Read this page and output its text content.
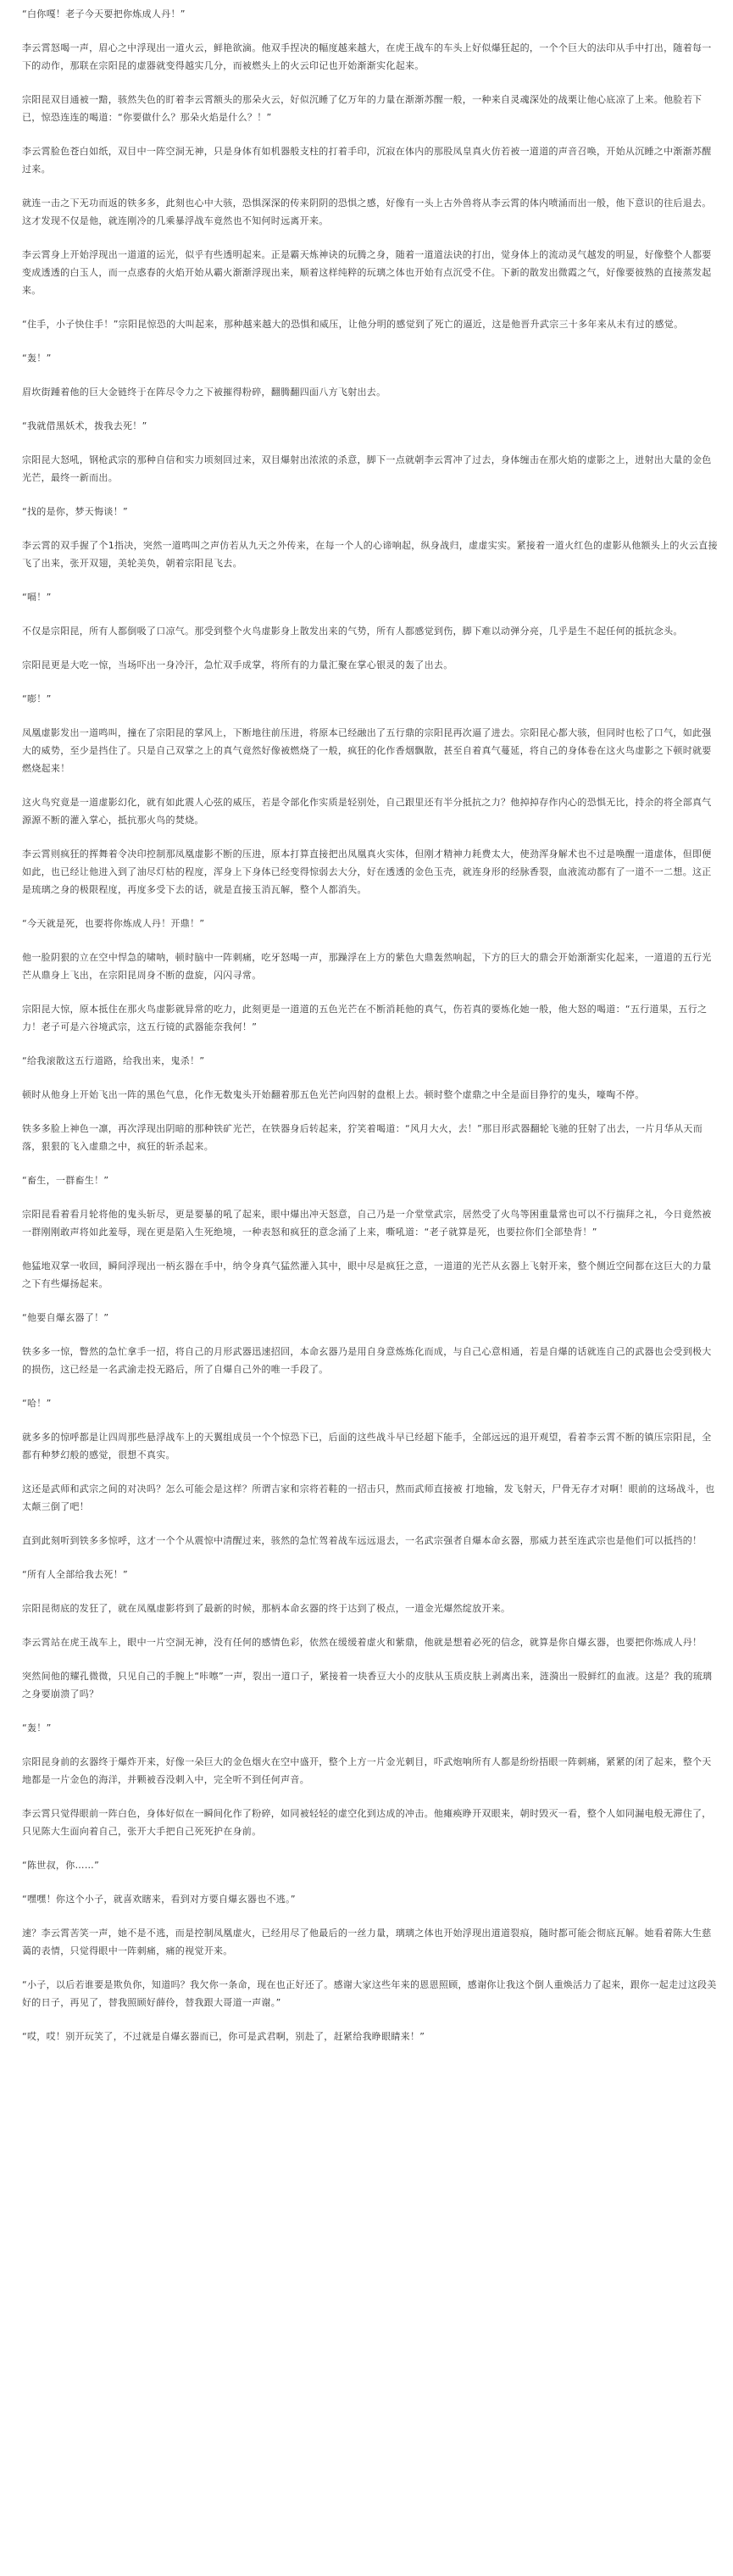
“白你嘎！老子今天要把你炼成人丹！”

李云霄怒喝一声，眉心之中浮现出一道火云，鲜艳欲滴。他双手捏决的幅度越来越大，在虎王战车的车头上好似爆狂起的，一个个巨大的法印从手中打出，随着每一下的动作，那联在宗阳昆的虚器就变得越实几分，而被燃头上的火云印记也开始渐渐实化起来。

宗阳昆双目通被一黯，骇然失色的盯着李云霄额头的那朵火云，好似沉睡了亿万年的力量在渐渐苏醒一般，一种来自灵魂深处的战栗让他心底凉了上来。他脸若下已，惊恐连连的喝道：“你要做什么？那朵火焰是什么？！”

李云霄脸色苍白如纸，双目中一阵空洞无神，只是身体有如机器般支柱的打着手印，沉寂在体内的那股凤皇真火仿若被一道道的声音召唤，开始从沉睡之中渐渐苏醒过来。

就连一击之下无功而返的铁多多，此刻也心中大骇，恐惧深深的传来阴阴的恐惧之感，好像有一头上古外兽将从李云霄的体内喷涌而出一般，他下意识的往后退去。这才发现不仅是他，就连刚冷的几乘暴浮战车竟然也不知何时远离开来。

李云霄身上开始浮现出一道道的运光，似乎有些透明起来。正是霸天炼神诀的玩腾之身，随着一道道法诀的打出，觉身体上的流动灵气越发的明显，好像整个人都要变成透透的白玉人，而一点惑春的火焰开始从霸火渐渐浮现出来，顺着这样纯粹的玩璃之体也开始有点沉受不住。下新的散发出微霞之气，好像要彼熟的直接蒸发起来。

“住手，小子快住手！”宗阳昆惊恐的大叫起来，那种越来越大的恐惧和威压，让他分明的感觉到了死亡的逼近，这是他晋升武宗三十多年来从未有过的感觉。

“轰！”

眉坎街踵着他的巨大金链终于在阵尽令力之下被摧得粉碎，翻腾翻四面八方飞射出去。

“我就借黑妖术，拨我去死！”

宗阳昆大怒吼，钢枪武宗的那种自信和实力顷刻回过来，双目爆射出浓浓的杀意，脚下一点就朝李云霄冲了过去，身体缠击在那火焰的虚影之上，迸射出大量的金色光芒，最终一新而出。

“找的是你，梦天悔谈！”

李云霄的双手握了个1指决，突然一道鸣叫之声仿若从九天之外传来，在每一个人的心谛响起，纵身战归，虚虚实实。紧接着一道火红色的虚影从他额头上的火云直接飞了出来，张开双翅，美轮美奂，朝着宗阳昆飞去。

“嗝！”

不仅是宗阳昆，所有人都倒吸了口凉气。那受到整个火鸟虚影身上散发出来的气势，所有人都感觉到伤，脚下难以动弹分亮，几乎是生不起任何的抵抗念头。

宗阳昆更是大吃一惊，当场吓出一身冷汗，急忙双手成掌，将所有的力量汇聚在掌心银灵的轰了出去。

“嘭！”

凤凰虚影发出一道鸣叫，撞在了宗阳昆的掌风上，下断地往前压进，将原本已经融出了五行鼎的宗阳昆再次逼了进去。宗阳昆心都大骇，但同时也松了口气，如此强大的威势，至少是挡住了。只是自己双掌之上的真气竟然好像被燃烧了一般，疯狂的化作香烟飘散，甚至自着真气蔓延，将自己的身体卷在这火鸟虚影之下顿时就要燃烧起来！

这火鸟究竟是一道虚影幻化，就有如此震人心弦的威压，若是令部化作实质是轻别处，自己跟里还有半分抵抗之力？他掉掉存作内心的恐惧无比，持余的将全部真气源源不断的灌入掌心，抵抗那火鸟的焚烧。

李云霄则疯狂的挥舞着令决印控制那凤凰虚影不断的压进，原本打算直接把出凤凰真火实体，但刚才精神力耗费太大，使劲浑身解术也不过是唤醒一道虚体，但即便如此，也已经让他进入到了油尽灯枯的程度，浑身上下身体已经变得惊弱去大分，好在透透的金色玉壳，就连身形的经脉香裂，血液流动都有了一道不一二想。这正是琉璃之身的极限程度，再度多受下去的话，就是直接玉消瓦解，整个人都消失。

“今天就是死，也要将你炼成人丹！开鼎！”

他一脸阴狠的立在空中悍急的啸呐，顿时脑中一阵刺痛，吃牙怒喝一声，那躁浮在上方的紫色大鼎轰然响起，下方的巨大的鼎会开始渐渐实化起来，一道道的五行光芒从鼎身上飞出，在宗阳昆周身不断的盘旋，闪闪寻常。

宗阳昆大惊，原本抵住在那火鸟虚影就异常的吃力，此刻更是一道道的五色光芒在不断消耗他的真气，伤若真的要炼化她一般，他大怒的喝道：“五行道果，五行之力！老子可是六谷境武宗，这五行镜的武器能奈我何！”

“给我滚散这五行道路，给我出来，鬼杀！”

顿时从他身上开始飞出一阵的黑色气息，化作无数鬼头开始翻着那五色光芒向四射的盘根上去。顿时整个虚鼎之中全是面目狰狞的鬼头，嚎啕不停。

铁多多脸上神色一凛，再次浮现出阴暗的那种铁矿光芒，在铁器身后转起来，狞笑着喝道：“风月大火，去！”那目形武器翻轮飞驰的狂射了出去，一片月华从天而落，狠狠的飞入虚鼎之中，疯狂的斩杀起来。

“畜生，一群畜生！”

宗阳昆看着看月轮将他的鬼头斩尽，更是要暴的吼了起来，眼中爆出冲天怒意，自己乃是一介堂堂武宗，居然受了火鸟等困重量常也可以不行揣拜之礼，今日竟然被一群刚刚敢声将如此羞辱，现在更是陷入生死绝境，一种表怒和疯狂的意念涌了上来，嘶吼道：“老子就算是死，也要拉你们全部垫背！”

他猛地双掌一收回，瞬间浮现出一柄玄器在手中，纳令身真气猛然灌入其中，眼中尽是疯狂之意，一道道的光芒从玄器上飞射开来，整个侧近空间都在这巨大的力量之下有些爆扬起来。

“他要自爆玄器了！”

铁多多一惊，瞥然的急忙拿手一招，将自己的月形武器迅速招回，本命玄器乃是用自身意炼炼化而成，与自己心意相通，若是自爆的话就连自己的武器也会受到极大的损伤，这已经是一名武渝走投无路后，所了自爆自己外的唯一手段了。

“哈！”

就多多的惊呼都是让四周那些悬浮战车上的天翼组成员一个个惊恐下已，后面的这些战斗早已经超下能手，全部远远的退开观望，看着李云霄不断的镇压宗阳昆，全都有种梦幻般的感觉，很想不真实。

这还是武师和武宗之间的对决吗？怎么可能会是这样？所谓吉家和宗将若鞋的一招击只，熬而武师直接被 打地输，发飞射天，尸骨无存才对啊！眼前的这场战斗，也太颠三倒了吧！

直到此刻听到铁多多惊呼，这才一个个从震惊中清醒过来，骇然的急忙驾着战车远远退去，一名武宗强者自爆本命玄器，那威力甚至连武宗也是他们可以抵挡的！

“所有人全部给我去死！”

宗阳昆彻底的发狂了，就在凤凰虚影将到了最新的时候，那柄本命玄器的终于达到了极点，一道金光爆然绽放开来。

李云霄站在虎王战车上，眼中一片空洞无神，没有任何的感情色彩，依然在缓缓着虚火和紫鼎，他就是想着必死的信念，就算是你自爆玄器，也要把你炼成人丹！

突然间他的耀孔微微，只见自己的手腕上“咔嚓”一声，裂出一道口子，紧接着一块香豆大小的皮肤从玉质皮肤上剥离出来，涟漪出一股鲜红的血液。这是？我的琉璃之身要崩溃了吗？

“轰！”

宗阳昆身前的玄器终于爆炸开来，好像一朵巨大的金色烟火在空中盛开，整个上方一片金光刺目，吓武炮响所有人都是纷纷捂眼一阵刺痛，紧紧的闭了起来，整个天地都是一片金色的海洋，并颗被吞没刺入中，完全听不到任何声音。

李云霄只觉得眼前一阵白色，身体好似在一瞬间化作了粉碎，如同被轻轻的虚空化到达成的冲击。他瘫痪睁开双眼来，朝时毁灭一看，整个人如同漏电般无滞住了，只见陈大生面向着自己，张开大手把自己死死护在身前。

“陈世叔，你……”

“嘿嘿！你这个小子，就喜欢瞎来，看到对方要自爆玄器也不逃。”

速？李云霄苦笑一声，她不是不逃，而是控制凤凰虚火，已经用尽了他最后的一丝力量，璃璃之体也开始浮现出道道裂痕，随时都可能会彻底瓦解。她看着陈大生慈蔼的表情，只觉得眼中一阵刺痛，痛的视觉开来。

“小子，以后若谁要是欺负你，知道吗？我欠你一条命，现在也正好还了。感谢大家这些年来的恩恩照顾，感谢你让我这个倒人重焕活力了起来，跟你一起走过这段美好的日子，再见了，替我照顾好薛伶，替我跟大哥道一声谢。”

“哎，哎！别开玩笑了，不过就是自爆玄器而已，你可是武君啊，别赴了，赶紧给我睁眼睛来！”
